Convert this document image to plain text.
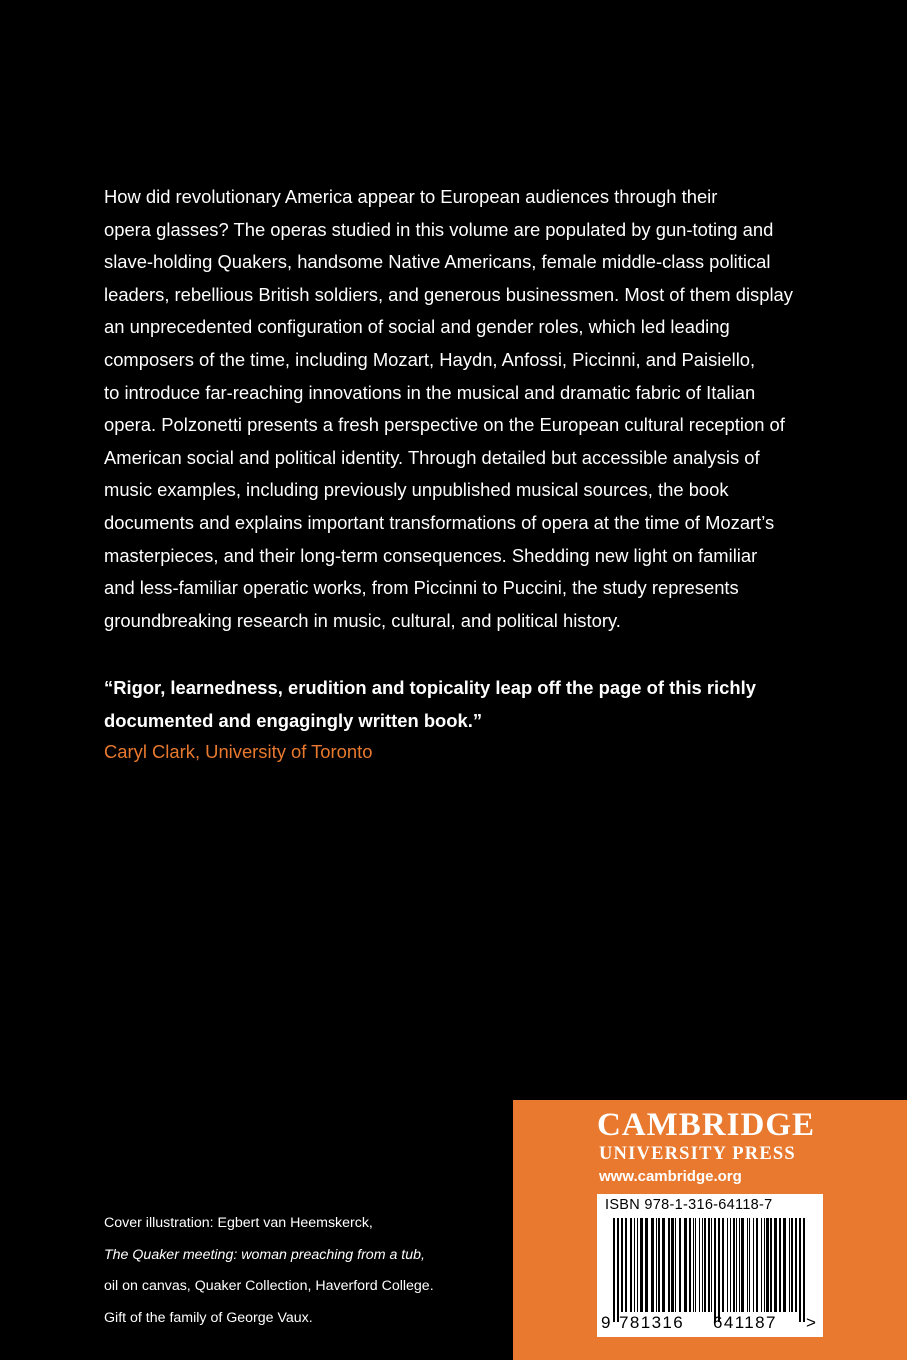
How did revolutionary America appear to European audiences through their
opera glasses? The operas studied in this volume are populated by gun-toting and
slave-holding Quakers, handsome Native Americans, female middle-class political
leaders, rebellious British soldiers, and generous businessmen. Most of them display
an unprecedented configuration of social and gender roles, which led leading
composers of the time, including Mozart, Haydn, Anfossi, Piccinni, and Paisiello,
to introduce far-reaching innovations in the musical and dramatic fabric of Italian
opera. Polzonetti presents a fresh perspective on the European cultural reception of
American social and political identity. Through detailed but accessible analysis of
music examples, including previously unpublished musical sources, the book
documents and explains important transformations of opera at the time of Mozart’s
masterpieces, and their long-term consequences. Shedding new light on familiar
and less-familiar operatic works, from Piccinni to Puccini, the study represents
groundbreaking research in music, cultural, and political history.
“Rigor, learnedness, erudition and topicality leap off the page of this richly
documented and engagingly written book.”
Caryl Clark, University of Toronto
Cover illustration: Egbert van Heemskerck,
The Quaker meeting: woman preaching from a tub,
oil on canvas, Quaker Collection, Haverford College.
Gift of the family of George Vaux.
CAMBRIDGE
UNIVERSITY PRESS
www.cambridge.org
ISBN 978-1-316-64118-7
9 781316 641187 >
